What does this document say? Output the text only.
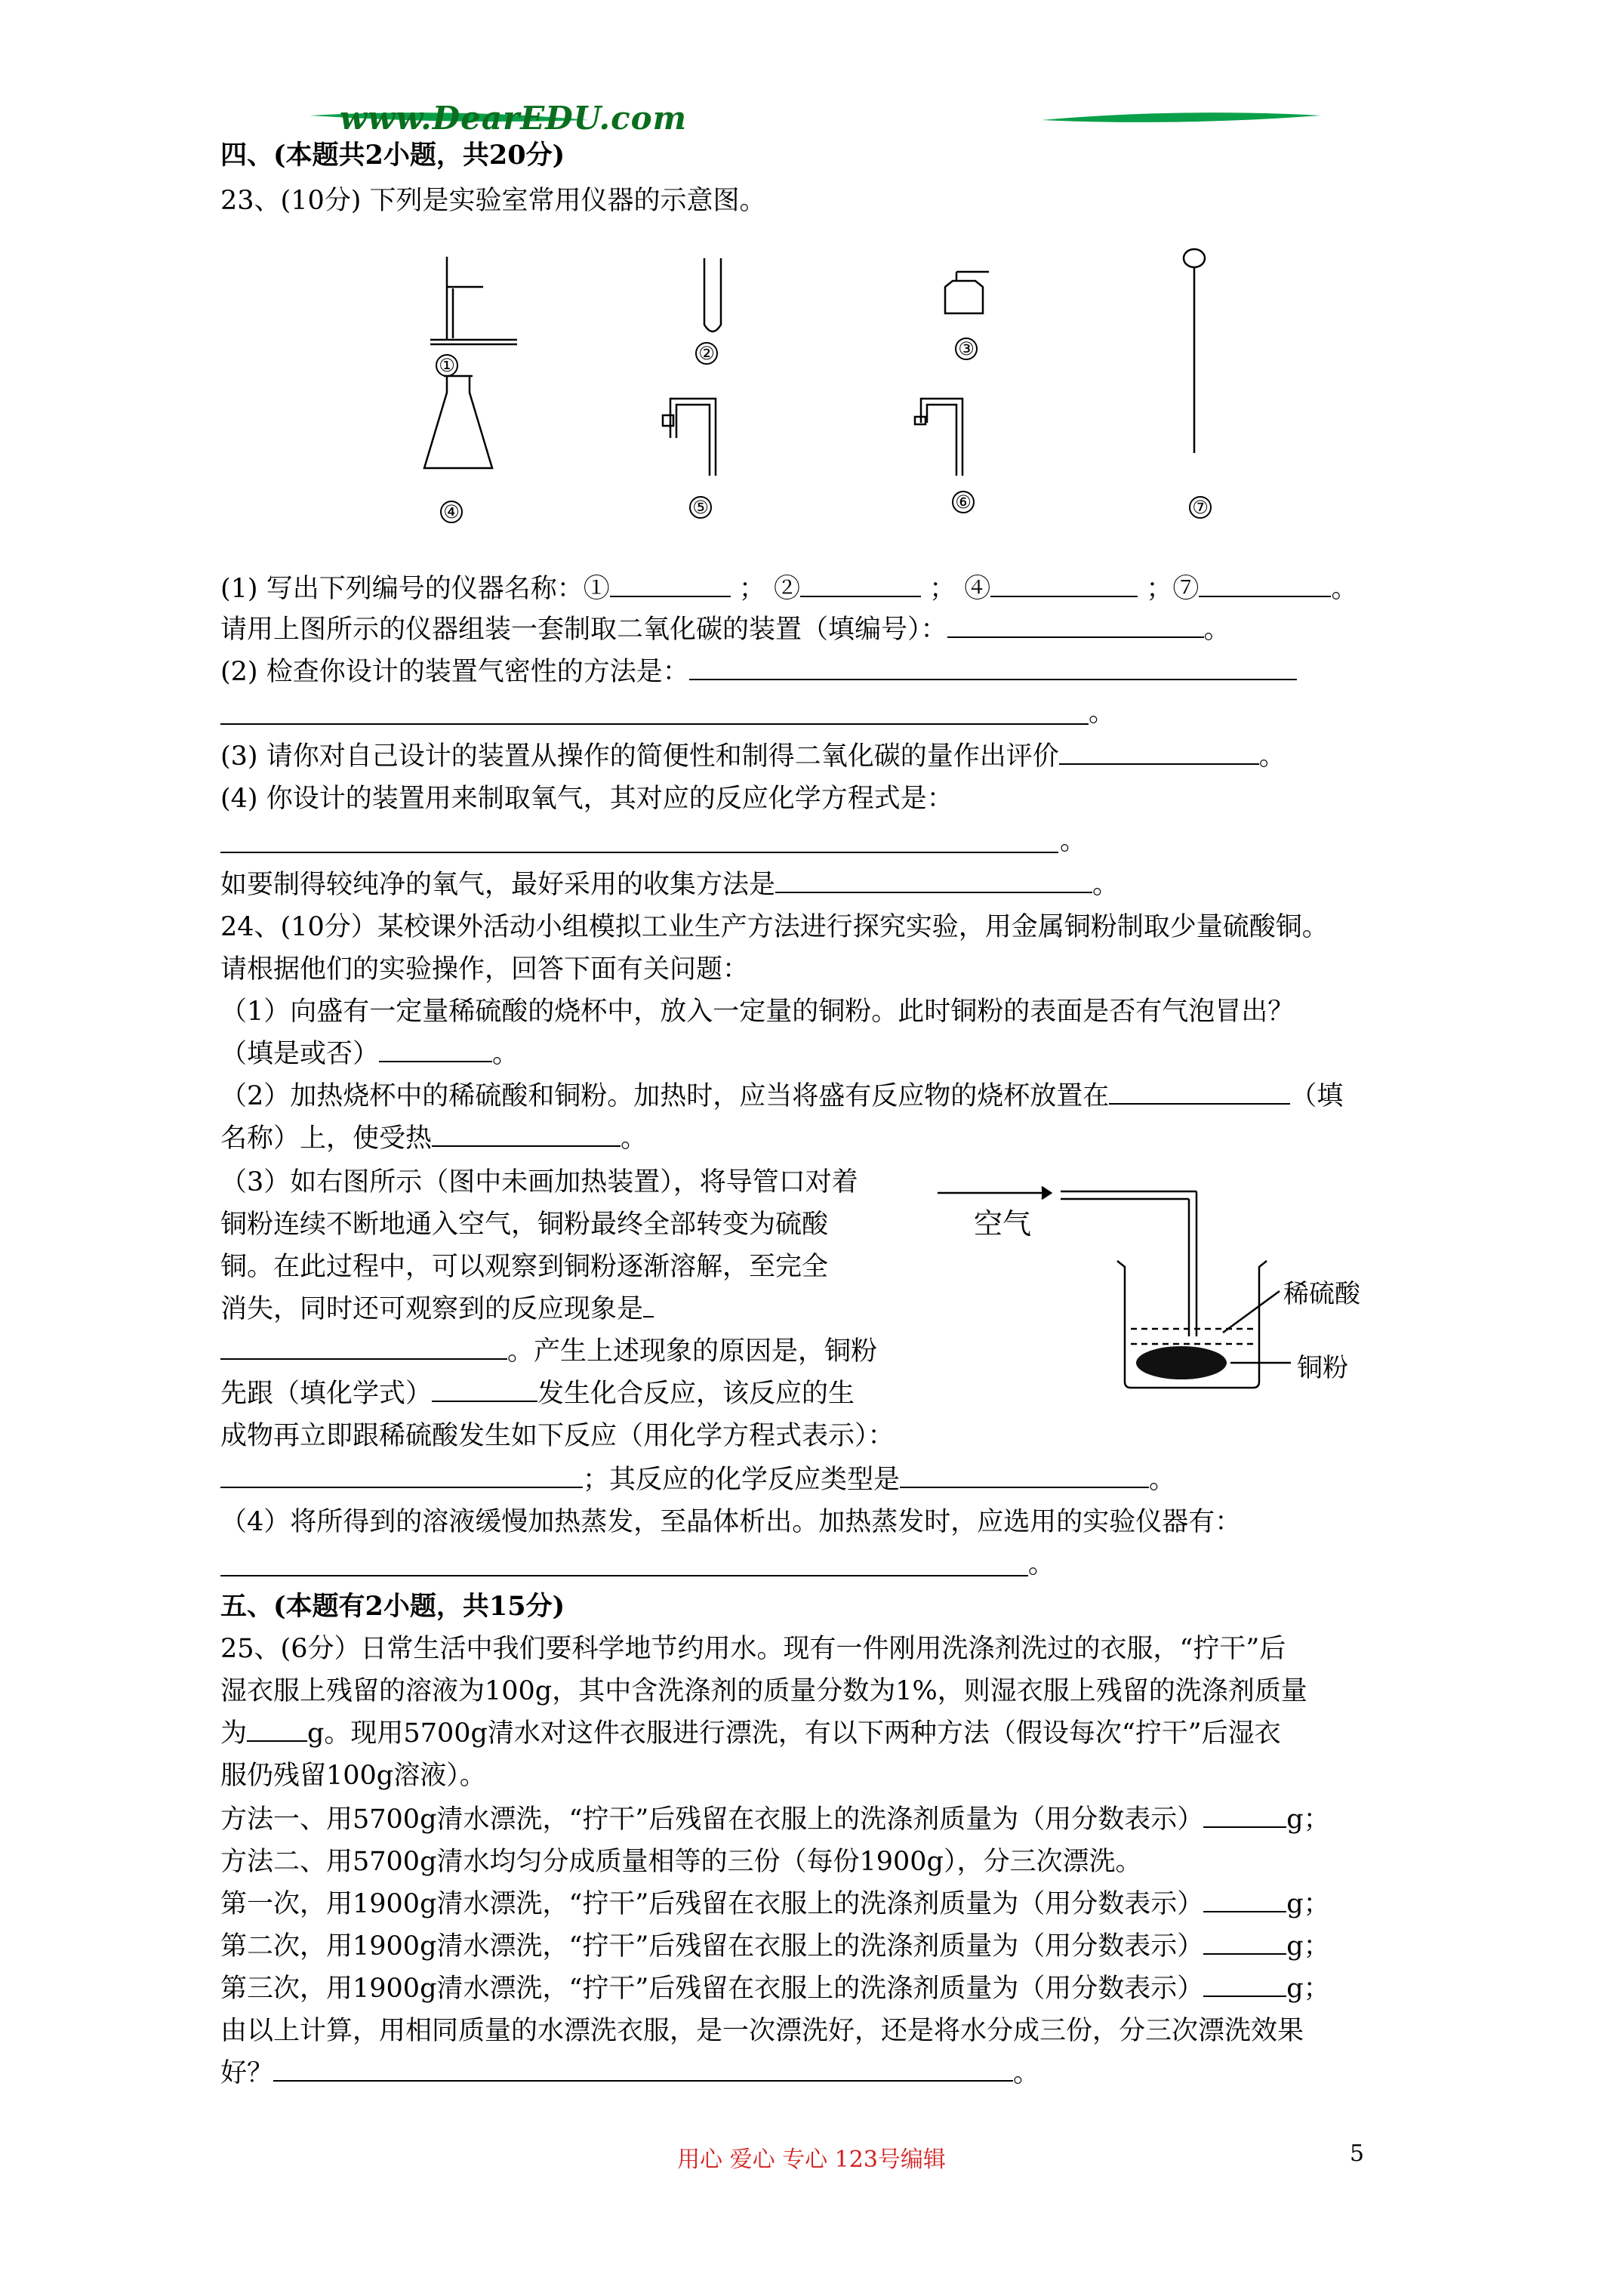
www.DearEDU.com
四、(本题共2小题，共20分)
23、(10分) 下列是实验室常用仪器的示意图。
①
②	③
④	⑤	⑥	⑦
(1) 写出下列编号的仪器名称：①	； ②	； ④	；⑦	。
请用上图所示的仪器组装一套制取二氧化碳的装置（填编号）：	。
(2) 检查你设计的装置气密性的方法是：
。
(3) 请你对自己设计的装置从操作的简便性和制得二氧化碳的量作出评价	。
(4) 你设计的装置用来制取氧气，其对应的反应化学方程式是：
。
如要制得较纯净的氧气，最好采用的收集方法是	。
24、(10分）某校课外活动小组模拟工业生产方法进行探究实验，用金属铜粉制取少量硫酸铜。
请根据他们的实验操作，回答下面有关问题：
（1）向盛有一定量稀硫酸的烧杯中，放入一定量的铜粉。此时铜粉的表面是否有气泡冒出？
（填是或否）	。
（2）加热烧杯中的稀硫酸和铜粉。加热时，应当将盛有反应物的烧杯放置在	（填
名称）上，使受热	。
（3）如右图所示（图中未画加热装置），将导管口对着
铜粉连续不断地通入空气，铜粉最终全部转变为硫酸
铜。在此过程中，可以观察到铜粉逐渐溶解，至完全
消失，同时还可观察到的反应现象是
。产生上述现象的原因是，铜粉
先跟（填化学式）	发生化合反应，该反应的生
成物再立即跟稀硫酸发生如下反应（用化学方程式表示）：
；其反应的化学反应类型是	。
（4）将所得到的溶液缓慢加热蒸发，至晶体析出。加热蒸发时，应选用的实验仪器有：
。
空气
稀硫酸
铜粉
五、(本题有2小题，共15分)
25、(6分）日常生活中我们要科学地节约用水。现有一件刚用洗涤剂洗过的衣服，“拧干”后
湿衣服上残留的溶液为100g，其中含洗涤剂的质量分数为1%，则湿衣服上残留的洗涤剂质量
为 g。现用5700g清水对这件衣服进行漂洗，有以下两种方法（假设每次“拧干”后湿衣
服仍残留100g溶液）。
方法一、用5700g清水漂洗，“拧干”后残留在衣服上的洗涤剂质量为（用分数表示）	g；
方法二、用5700g清水均匀分成质量相等的三份（每份1900g），分三次漂洗。
第一次，用1900g清水漂洗，“拧干”后残留在衣服上的洗涤剂质量为（用分数表示）	g；
第二次，用1900g清水漂洗，“拧干”后残留在衣服上的洗涤剂质量为（用分数表示）	g；
第三次，用1900g清水漂洗，“拧干”后残留在衣服上的洗涤剂质量为（用分数表示）	g；
由以上计算，用相同质量的水漂洗衣服，是一次漂洗好，还是将水分成三份，分三次漂洗效果
好？	。
用心 爱心 专心 123号编辑	5
